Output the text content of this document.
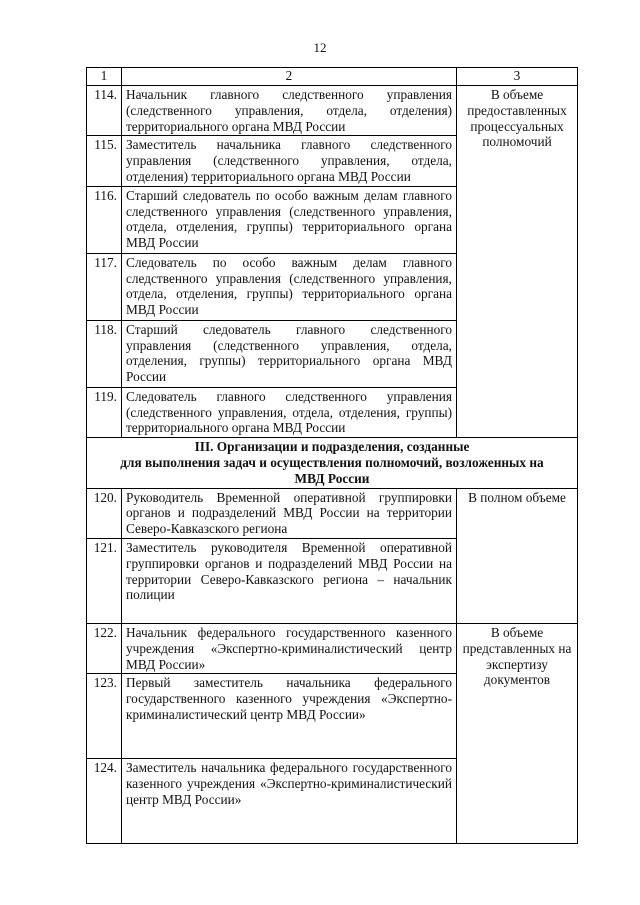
12
1	2	3
114.	Начальник главного следственного управления (следственного управления, отдела, отделения) территориального органа МВД России	В объеме предоставленных процессуальных полномочий
115.	Заместитель начальника главного следственного управления (следственного управления, отдела, отделения) территориального органа МВД России	
116.	Старший следователь по особо важным делам главного следственного управления (следственного управления, отдела, отделения, группы) территориального органа МВД России	
117.	Следователь по особо важным делам главного следственного управления (следственного управления, отдела, отделения, группы) территориального органа МВД России	
118.	Старший следователь главного следственного управления (следственного управления, отдела, отделения, группы) территориального органа МВД России	
119.	Следователь главного следственного управления (следственного управления, отдела, отделения, группы) территориального органа МВД России	

III. Организации и подразделения, созданные
для выполнения задач и осуществления полномочий, возложенных на
МВД России		

120.	Руководитель Временной оперативной группировки органов и подразделений МВД России на территории Северо-Кавказского региона	В полном объеме
121.	Заместитель руководителя Временной оперативной группировки органов и подразделений МВД России на территории Северо-Кавказского региона – начальник полиции	
122.	Начальник федерального государственного казенного учреждения «Экспертно-криминалистический центр МВД России»	В объеме представленных на экспертизу документов
123.	Первый заместитель начальника федерального государственного казенного учреждения «Экспертно-криминалистический центр МВД России»	
124.	Заместитель начальника федерального государственного казенного учреждения «Экспертно-криминалистический центр МВД России»	
